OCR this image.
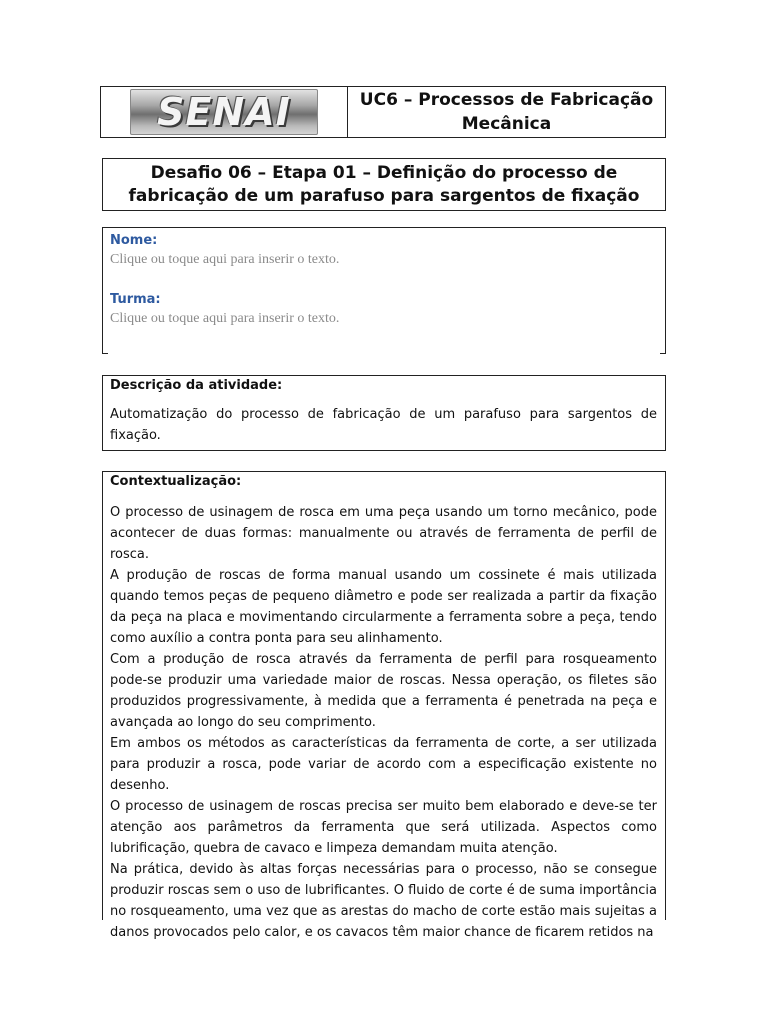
SENAI	UC6 – Processos de Fabricação Mecânica
Desafio 06 – Etapa 01 – Definição do processo de fabricação de um parafuso para sargentos de fixação
Nome:
Clique ou toque aqui para inserir o texto.
Turma:
Clique ou toque aqui para inserir o texto.
Descrição da atividade:

Automatização do processo de fabricação de um parafuso para sargentos de fixação.

Contextualização:

O processo de usinagem de rosca em uma peça usando um torno mecânico, pode acontecer de duas formas: manualmente ou através de ferramenta de perfil de rosca.

A produção de roscas de forma manual usando um cossinete é mais utilizada quando temos peças de pequeno diâmetro e pode ser realizada a partir da fixação da peça na placa e movimentando circularmente a ferramenta sobre a peça, tendo como auxílio a contra ponta para seu alinhamento.

Com a produção de rosca através da ferramenta de perfil para rosqueamento pode-se produzir uma variedade maior de roscas. Nessa operação, os filetes são produzidos progressivamente, à medida que a ferramenta é penetrada na peça e avançada ao longo do seu comprimento.

Em ambos os métodos as características da ferramenta de corte, a ser utilizada para produzir a rosca, pode variar de acordo com a especificação existente no desenho.

O processo de usinagem de roscas precisa ser muito bem elaborado e deve-se ter atenção aos parâmetros da ferramenta que será utilizada. Aspectos como lubrificação, quebra de cavaco e limpeza demandam muita atenção.

Na prática, devido às altas forças necessárias para o processo, não se consegue produzir roscas sem o uso de lubrificantes. O fluido de corte é de suma importância no rosqueamento, uma vez que as arestas do macho de corte estão mais sujeitas a danos provocados pelo calor, e os cavacos têm maior chance de ficarem retidos na
